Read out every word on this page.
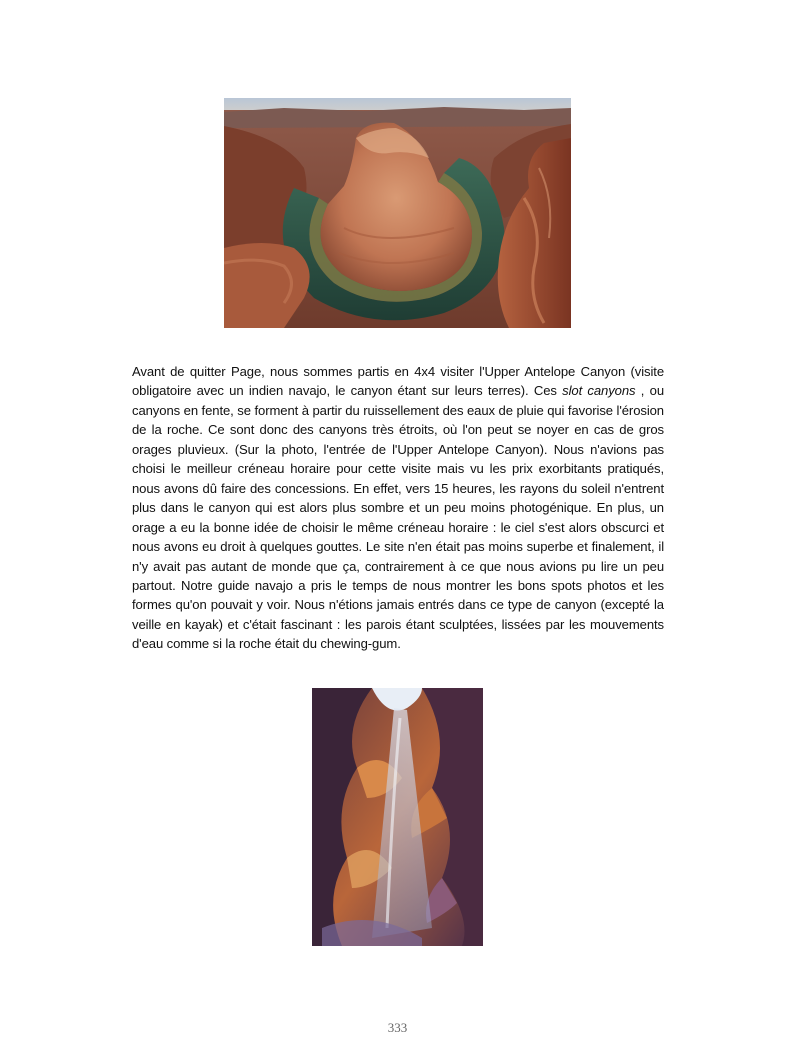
Avant de quitter Page, nous sommes partis en 4x4 visiter l'Upper Antelope Canyon (visite obligatoire avec un indien navajo, le canyon étant sur leurs terres). Ces slot canyons , ou canyons en fente, se forment à partir du ruissellement des eaux de pluie qui favorise l'érosion de la roche. Ce sont donc des canyons très étroits, où l'on peut se noyer en cas de gros orages pluvieux. (Sur la photo, l'entrée de l'Upper Antelope Canyon). Nous n'avions pas choisi le meilleur créneau horaire pour cette visite mais vu les prix exorbitants pratiqués, nous avons dû faire des concessions. En effet, vers 15 heures, les rayons du soleil n'entrent plus dans le canyon qui est alors plus sombre et un peu moins photogénique. En plus, un orage a eu la bonne idée de choisir le même créneau horaire : le ciel s'est alors obscurci et nous avons eu droit à quelques gouttes. Le site n'en était pas moins superbe et finalement, il n'y avait pas autant de monde que ça, contrairement à ce que nous avions pu lire un peu partout. Notre guide navajo a pris le temps de nous montrer les bons spots photos et les formes qu'on pouvait y voir. Nous n'étions jamais entrés dans ce type de canyon (excepté la veille en kayak) et c'était fascinant : les parois étant sculptées, lissées par les mouvements d'eau comme si la roche était du chewing-gum.
333
